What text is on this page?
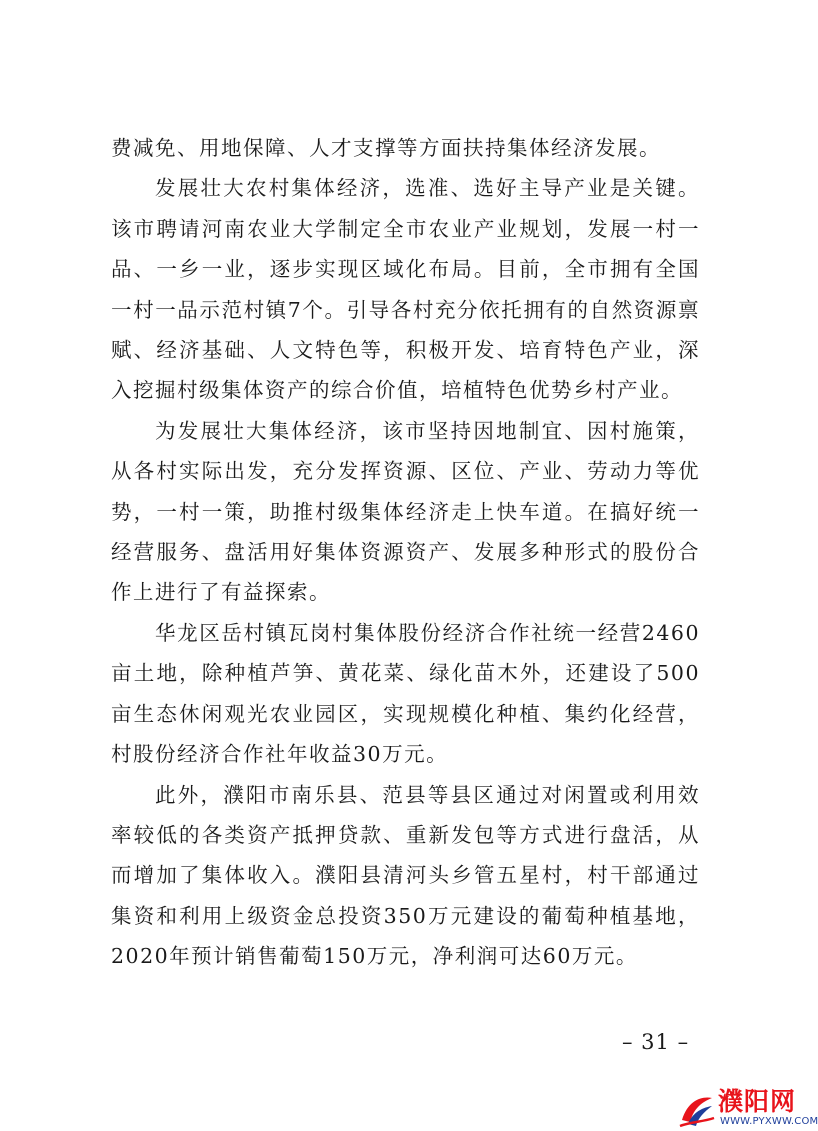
费减免、用地保障、人才支撑等方面扶持集体经济发展。

发展壮大农村集体经济，选准、选好主导产业是关键。该市聘请河南农业大学制定全市农业产业规划，发展一村一品、一乡一业，逐步实现区域化布局。目前，全市拥有全国一村一品示范村镇7个。引导各村充分依托拥有的自然资源禀赋、经济基础、人文特色等，积极开发、培育特色产业，深入挖掘村级集体资产的综合价值，培植特色优势乡村产业。

为发展壮大集体经济，该市坚持因地制宜、因村施策，从各村实际出发，充分发挥资源、区位、产业、劳动力等优势，一村一策，助推村级集体经济走上快车道。在搞好统一经营服务、盘活用好集体资源资产、发展多种形式的股份合作上进行了有益探索。

华龙区岳村镇瓦岗村集体股份经济合作社统一经营2460亩土地，除种植芦笋、黄花菜、绿化苗木外，还建设了500亩生态休闲观光农业园区，实现规模化种植、集约化经营，村股份经济合作社年收益30万元。

此外，濮阳市南乐县、范县等县区通过对闲置或利用效率较低的各类资产抵押贷款、重新发包等方式进行盘活，从而增加了集体收入。濮阳县清河头乡管五星村，村干部通过集资和利用上级资金总投资350万元建设的葡萄种植基地，2020年预计销售葡萄150万元，净利润可达60万元。

– 31 –
濮阳网
WWW.PYXWW.COM
